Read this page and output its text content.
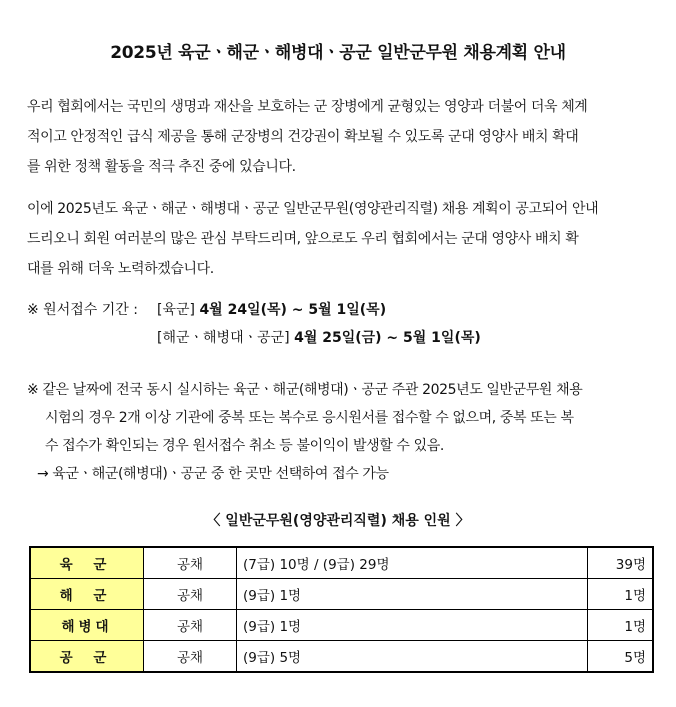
2025년 육군ㆍ해군ㆍ해병대ㆍ공군 일반군무원 채용계획 안내
우리 협회에서는 국민의 생명과 재산을 보호하는 군 장병에게 균형있는 영양과 더불어 더욱 체계
적이고 안정적인 급식 제공을 통해 군장병의 건강권이 확보될 수 있도록 군대 영양사 배치 확대
를 위한 정책 활동을 적극 추진 중에 있습니다.
이에 2025년도 육군ㆍ해군ㆍ해병대ㆍ공군 일반군무원(영양관리직렬) 채용 계획이 공고되어 안내
드리오니 회원 여러분의 많은 관심 부탁드리며, 앞으로도 우리 협회에서는 군대 영양사 배치 확
대를 위해 더욱 노력하겠습니다.
※ 원서접수 기간 : [육군] 4월 24일(목) ~ 5월 1일(목)
[해군ㆍ해병대ㆍ공군] 4월 25일(금) ~ 5월 1일(목)
※ 같은 날짜에 전국 동시 실시하는 육군ㆍ해군(해병대)ㆍ공군 주관 2025년도 일반군무원 채용
시험의 경우 2개 이상 기관에 중복 또는 복수로 응시원서를 접수할 수 없으며, 중복 또는 복
수 접수가 확인되는 경우 원서접수 취소 등 불이익이 발생할 수 있음.
→ 육군ㆍ해군(해병대)ㆍ공군 중 한 곳만 선택하여 접수 가능
〈 일반군무원(영양관리직렬) 채용 인원 〉
육 군	공채	(7급) 10명 / (9급) 29명	39명
해 군	공채	(9급) 1명	1명
해병대	공채	(9급) 1명	1명
공 군	공채	(9급) 5명	5명
